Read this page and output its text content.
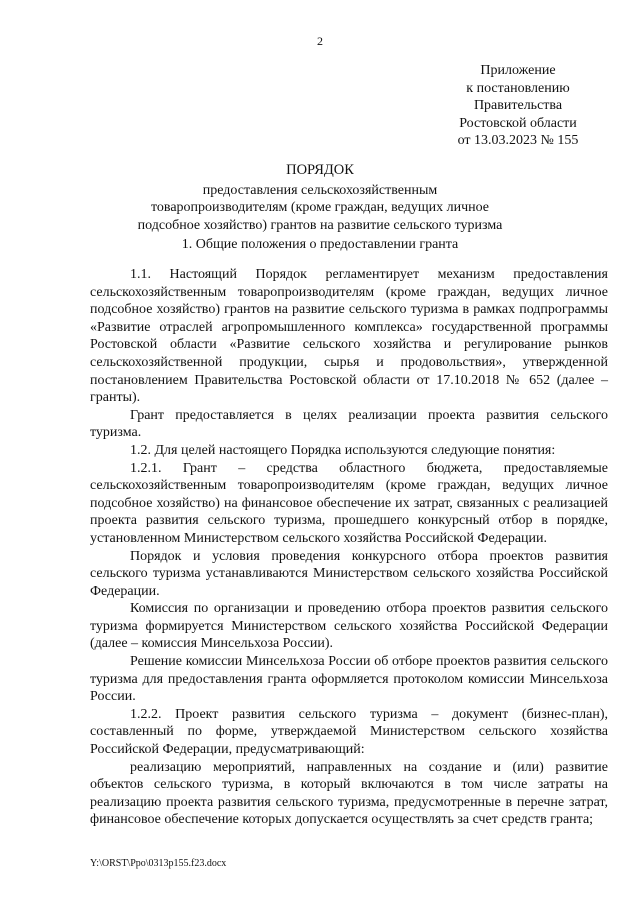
2
Приложение
к постановлению
Правительства
Ростовской области
от 13.03.2023 № 155
ПОРЯДОК
предоставления сельскохозяйственным
товаропроизводителям (кроме граждан, ведущих личное
подсобное хозяйство) грантов на развитие сельского туризма
1. Общие положения о предоставлении гранта

1.1. Настоящий Порядок регламентирует механизм предоставления сельскохозяйственным товаропроизводителям (кроме граждан, ведущих личное подсобное хозяйство) грантов на развитие сельского туризма в рамках подпрограммы «Развитие отраслей агропромышленного комплекса» государственной программы Ростовской области «Развитие сельского хозяйства и регулирование рынков сельскохозяйственной продукции, сырья и продовольствия», утвержденной постановлением Правительства Ростовской области от 17.10.2018 № 652 (далее – гранты).

Грант предоставляется в целях реализации проекта развития сельского туризма.

1.2. Для целей настоящего Порядка используются следующие понятия:

1.2.1. Грант – средства областного бюджета, предоставляемые сельскохозяйственным товаропроизводителям (кроме граждан, ведущих личное подсобное хозяйство) на финансовое обеспечение их затрат, связанных с реализацией проекта развития сельского туризма, прошедшего конкурсный отбор в порядке, установленном Министерством сельского хозяйства Российской Федерации.

Порядок и условия проведения конкурсного отбора проектов развития сельского туризма устанавливаются Министерством сельского хозяйства Российской Федерации.

Комиссия по организации и проведению отбора проектов развития сельского туризма формируется Министерством сельского хозяйства Российской Федерации (далее – комиссия Минсельхоза России).

Решение комиссии Минсельхоза России об отборе проектов развития сельского туризма для предоставления гранта оформляется протоколом комиссии Минсельхоза России.

1.2.2. Проект развития сельского туризма – документ (бизнес-план), составленный по форме, утверждаемой Министерством сельского хозяйства Российской Федерации, предусматривающий:

реализацию мероприятий, направленных на создание и (или) развитие объектов сельского туризма, в который включаются в том числе затраты на реализацию проекта развития сельского туризма, предусмотренные в перечне затрат, финансовое обеспечение которых допускается осуществлять за счет средств гранта;

Y:\ORST\Ppo\0313p155.f23.docx
